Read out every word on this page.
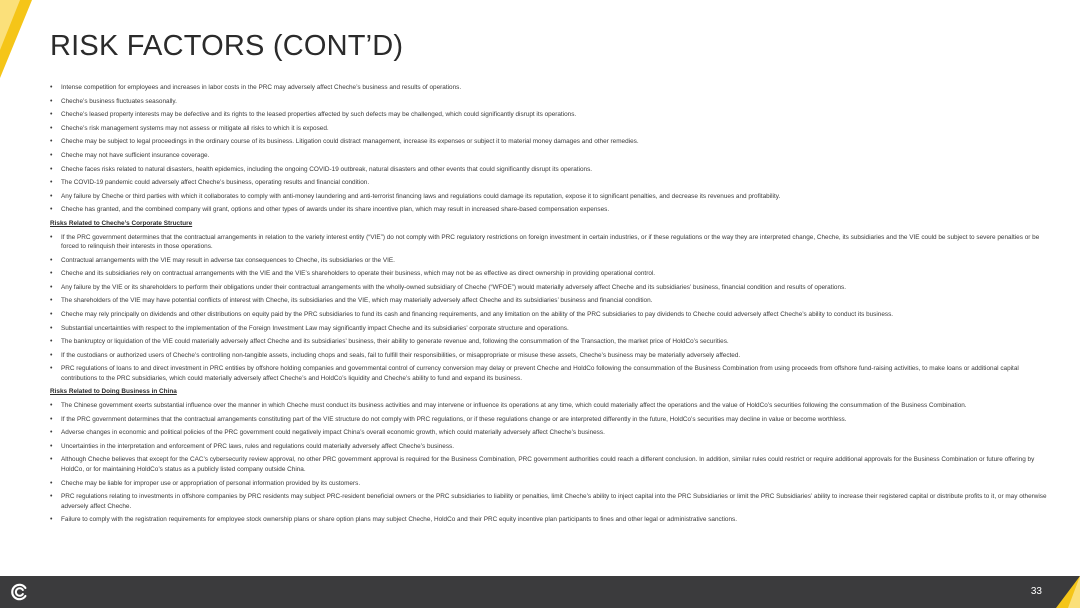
RISK FACTORS (CONT’D)
• Intense competition for employees and increases in labor costs in the PRC may adversely affect Cheche’s business and results of operations.
• Cheche’s business fluctuates seasonally.
• Cheche’s leased property interests may be defective and its rights to the leased properties affected by such defects may be challenged, which could significantly disrupt its operations.
• Cheche’s risk management systems may not assess or mitigate all risks to which it is exposed.
• Cheche may be subject to legal proceedings in the ordinary course of its business. Litigation could distract management, increase its expenses or subject it to material money damages and other remedies.
• Cheche may not have sufficient insurance coverage.
• Cheche faces risks related to natural disasters, health epidemics, including the ongoing COVID-19 outbreak, natural disasters and other events that could significantly disrupt its operations.
• The COVID-19 pandemic could adversely affect Cheche’s business, operating results and financial condition.
• Any failure by Cheche or third parties with which it collaborates to comply with anti-money laundering and anti-terrorist financing laws and regulations could damage its reputation, expose it to significant penalties, and decrease its revenues and profitability.
• Cheche has granted, and the combined company will grant, options and other types of awards under its share incentive plan, which may result in increased share-based compensation expenses.
Risks Related to Cheche’s Corporate Structure
• If the PRC government determines that the contractual arrangements in relation to the variety interest entity (“VIE”) do not comply with PRC regulatory restrictions on foreign investment in certain industries, or if these regulations or the way they are interpreted change, Cheche, its subsidiaries and the VIE could be subject to severe penalties or be forced to relinquish their interests in those operations.
• Contractual arrangements with the VIE may result in adverse tax consequences to Cheche, its subsidiaries or the VIE.
• Cheche and its subsidiaries rely on contractual arrangements with the VIE and the VIE’s shareholders to operate their business, which may not be as effective as direct ownership in providing operational control.
• Any failure by the VIE or its shareholders to perform their obligations under their contractual arrangements with the wholly-owned subsidiary of Cheche (“WFOE”) would materially adversely affect Cheche and its subsidiaries’ business, financial condition and results of operations.
• The shareholders of the VIE may have potential conflicts of interest with Cheche, its subsidiaries and the VIE, which may materially adversely affect Cheche and its subsidiaries’ business and financial condition.
• Cheche may rely principally on dividends and other distributions on equity paid by the PRC subsidiaries to fund its cash and financing requirements, and any limitation on the ability of the PRC subsidiaries to pay dividends to Cheche could adversely affect Cheche’s ability to conduct its business.
• Substantial uncertainties with respect to the implementation of the Foreign Investment Law may significantly impact Cheche and its subsidiaries’ corporate structure and operations.
• The bankruptcy or liquidation of the VIE could materially adversely affect Cheche and its subsidiaries’ business, their ability to generate revenue and, following the consummation of the Transaction, the market price of HoldCo’s securities.
• If the custodians or authorized users of Cheche’s controlling non-tangible assets, including chops and seals, fail to fulfill their responsibilities, or misappropriate or misuse these assets, Cheche’s business may be materially adversely affected.
• PRC regulations of loans to and direct investment in PRC entities by offshore holding companies and governmental control of currency conversion may delay or prevent Cheche and HoldCo following the consummation of the Business Combination from using proceeds from offshore fund-raising activities, to make loans or additional capital contributions to the PRC subsidiaries, which could materially adversely affect Cheche’s and HoldCo’s liquidity and Cheche’s ability to fund and expand its business.
Risks Related to Doing Business in China
• The Chinese government exerts substantial influence over the manner in which Cheche must conduct its business activities and may intervene or influence its operations at any time, which could materially affect the operations and the value of HoldCo’s securities following the consummation of the Business Combination.
• If the PRC government determines that the contractual arrangements constituting part of the VIE structure do not comply with PRC regulations, or if these regulations change or are interpreted differently in the future, HoldCo’s securities may decline in value or become worthless.
• Adverse changes in economic and political policies of the PRC government could negatively impact China’s overall economic growth, which could materially adversely affect Cheche’s business.
• Uncertainties in the interpretation and enforcement of PRC laws, rules and regulations could materially adversely affect Cheche’s business.
• Although Cheche believes that except for the CAC’s cybersecurity review approval, no other PRC government approval is required for the Business Combination, PRC government authorities could reach a different conclusion. In addition, similar rules could restrict or require additional approvals for the Business Combination or future offering by HoldCo, or for maintaining HoldCo’s status as a publicly listed company outside China.
• Cheche may be liable for improper use or appropriation of personal information provided by its customers.
• PRC regulations relating to investments in offshore companies by PRC residents may subject PRC-resident beneficial owners or the PRC subsidiaries to liability or penalties, limit Cheche’s ability to inject capital into the PRC Subsidiaries or limit the PRC Subsidiaries’ ability to increase their registered capital or distribute profits to it, or may otherwise adversely affect Cheche.
• Failure to comply with the registration requirements for employee stock ownership plans or share option plans may subject Cheche, HoldCo and their PRC equity incentive plan participants to fines and other legal or administrative sanctions.
33
